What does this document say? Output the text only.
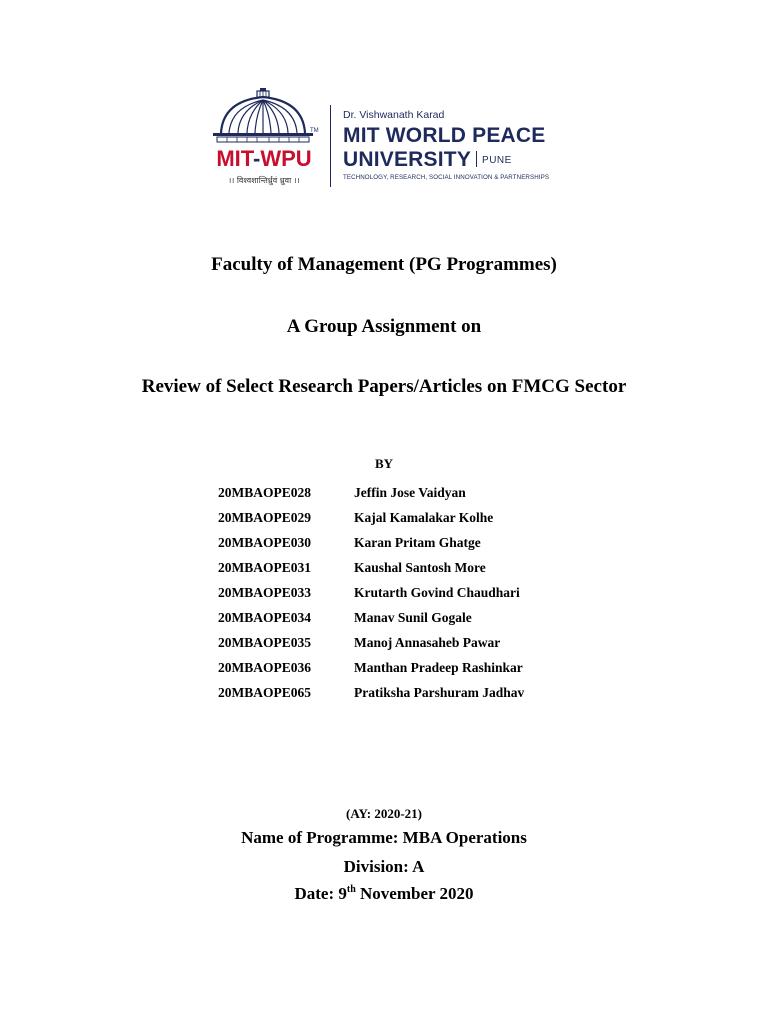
TM
MIT-WPU
।। विश्वशान्तिर्ध्रुवं ध्रुवा ।।
Dr. Vishwanath Karad
MIT WORLD PEACE
UNIVERSITY PUNE
TECHNOLOGY, RESEARCH, SOCIAL INNOVATION & PARTNERSHIPS
Faculty of Management (PG Programmes)
A Group Assignment on
Review of Select Research Papers/Articles on FMCG Sector
BY
20MBAOPE028	Jeffin Jose Vaidyan
20MBAOPE029	Kajal Kamalakar Kolhe
20MBAOPE030	Karan Pritam Ghatge
20MBAOPE031	Kaushal Santosh More
20MBAOPE033	Krutarth Govind Chaudhari
20MBAOPE034	Manav Sunil Gogale
20MBAOPE035	Manoj Annasaheb Pawar
20MBAOPE036	Manthan Pradeep Rashinkar
20MBAOPE065	Pratiksha Parshuram Jadhav
(AY: 2020-21)
Name of Programme: MBA Operations
Division: A
Date: 9th November 2020
